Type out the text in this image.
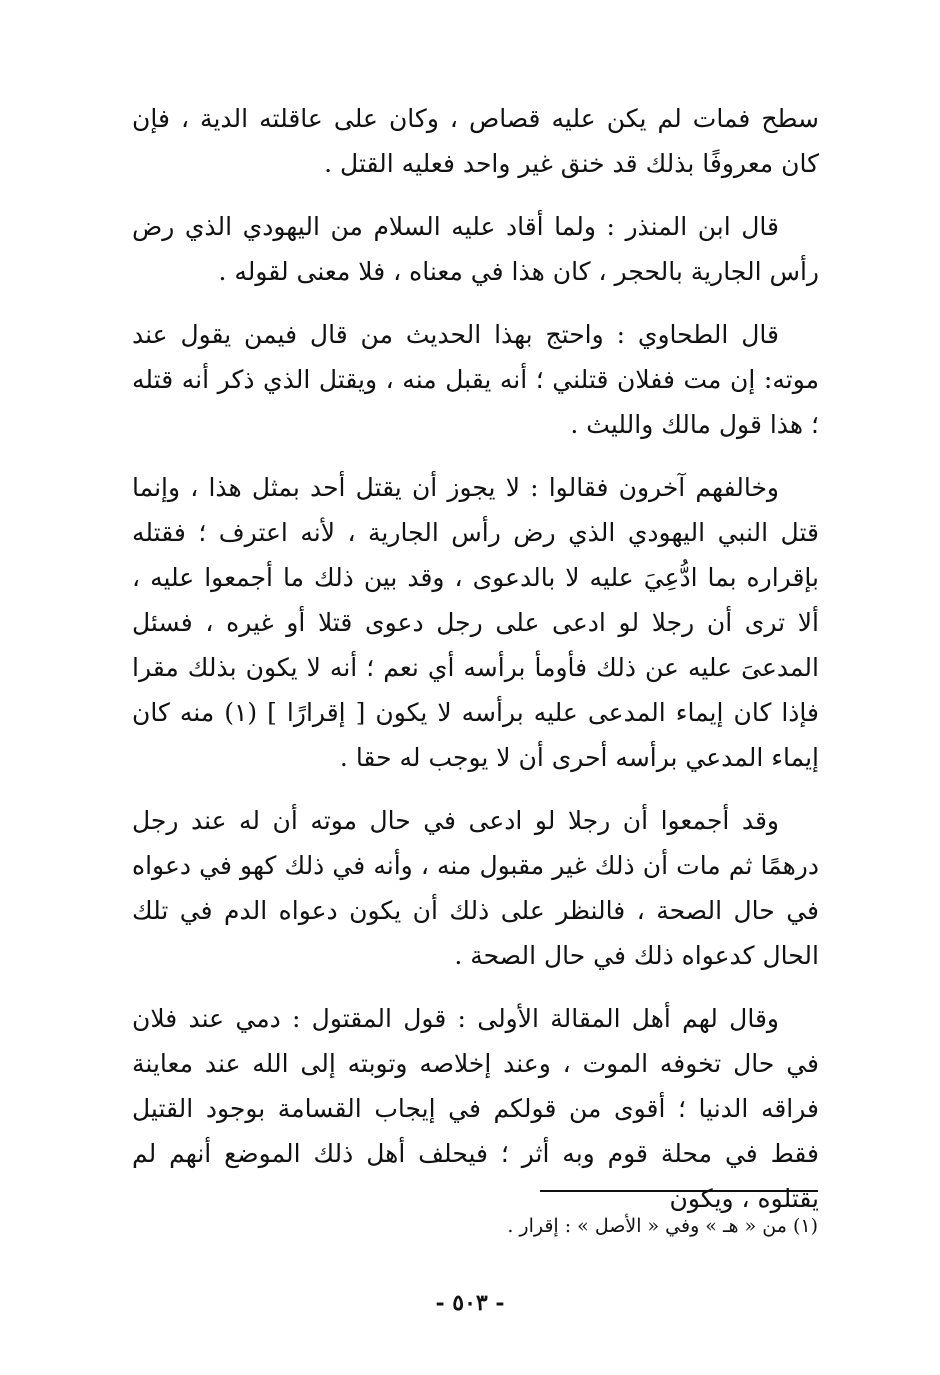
سطح فمات لم يكن عليه قصاص ، وكان على عاقلته الدية ، فإن كان معروفًا بذلك قد خنق غير واحد فعليه القتل .

قال ابن المنذر : ولما أقاد عليه السلام من اليهودي الذي رض رأس الجارية بالحجر ، كان هذا في معناه ، فلا معنى لقوله .

قال الطحاوي : واحتج بهذا الحديث من قال فيمن يقول عند موته: إن مت ففلان قتلني ؛ أنه يقبل منه ، ويقتل الذي ذكر أنه قتله ؛ هذا قول مالك والليث .

وخالفهم آخرون فقالوا : لا يجوز أن يقتل أحد بمثل هذا ، وإنما قتل النبي اليهودي الذي رض رأس الجارية ، لأنه اعترف ؛ فقتله بإقراره بما ادُّعِيَ عليه لا بالدعوى ، وقد بين ذلك ما أجمعوا عليه ، ألا ترى أن رجلا لو ادعى على رجل دعوى قتلا أو غيره ، فسئل المدعىَ عليه عن ذلك فأومأ برأسه أي نعم ؛ أنه لا يكون بذلك مقرا فإذا كان إيماء المدعى عليه برأسه لا يكون [ إقرارًا ] (١) منه كان إيماء المدعي برأسه أحرى أن لا يوجب له حقا .

وقد أجمعوا أن رجلا لو ادعى في حال موته أن له عند رجل درهمًا ثم مات أن ذلك غير مقبول منه ، وأنه في ذلك كهو في دعواه في حال الصحة ، فالنظر على ذلك أن يكون دعواه الدم في تلك الحال كدعواه ذلك في حال الصحة .

وقال لهم أهل المقالة الأولى : قول المقتول : دمي عند فلان في حال تخوفه الموت ، وعند إخلاصه وتوبته إلى الله عند معاينة فراقه الدنيا ؛ أقوى من قولكم في إيجاب القسامة بوجود القتيل فقط في محلة قوم وبه أثر ؛ فيحلف أهل ذلك الموضع أنهم لم يقتلوه ، ويكون

(١) من « هـ » وفي « الأصل » : إقرار .
- ٥٠٣ -
